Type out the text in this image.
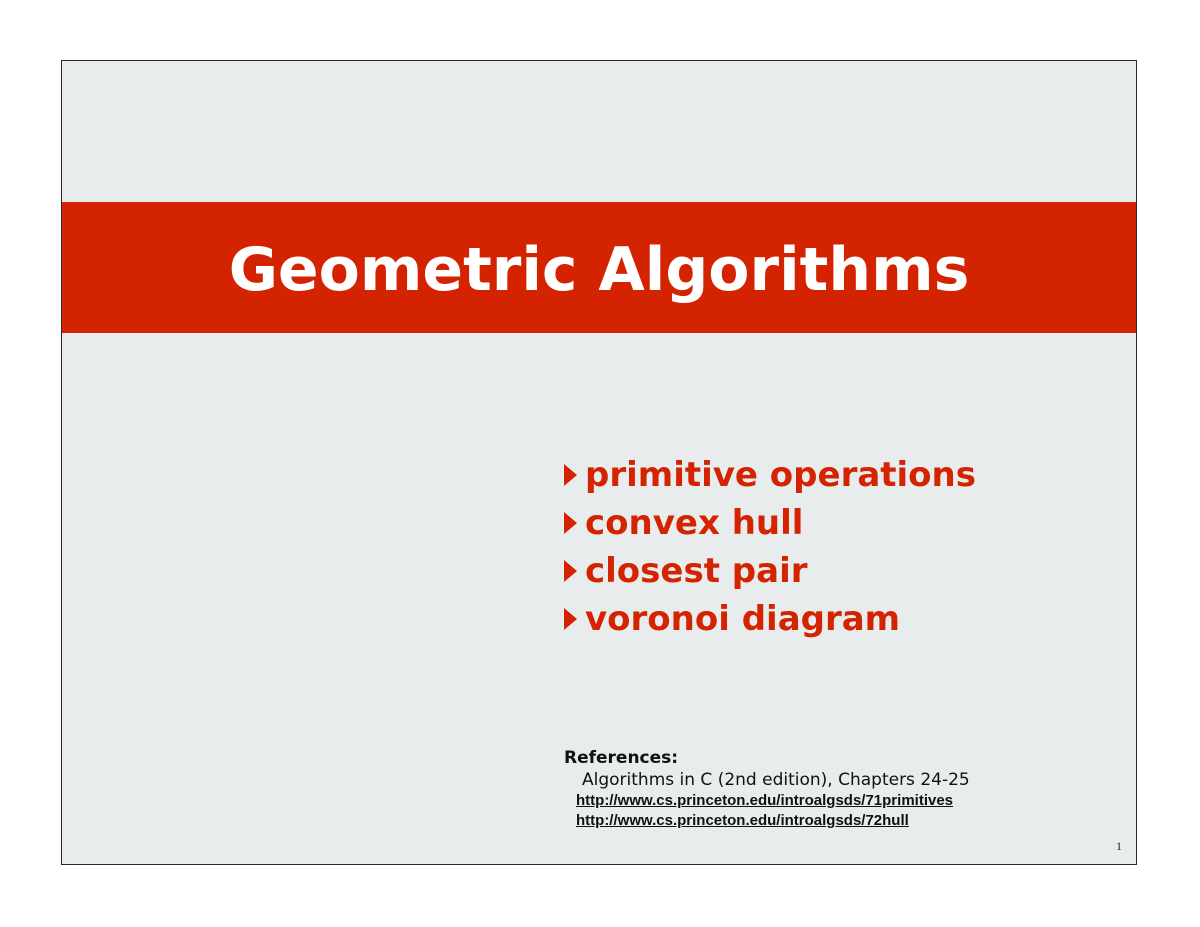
Geometric Algorithms
primitive operations
convex hull
closest pair
voronoi diagram
References:
Algorithms in C (2nd edition), Chapters 24-25
http://www.cs.princeton.edu/introalgsds/71primitives
http://www.cs.princeton.edu/introalgsds/72hull
1
